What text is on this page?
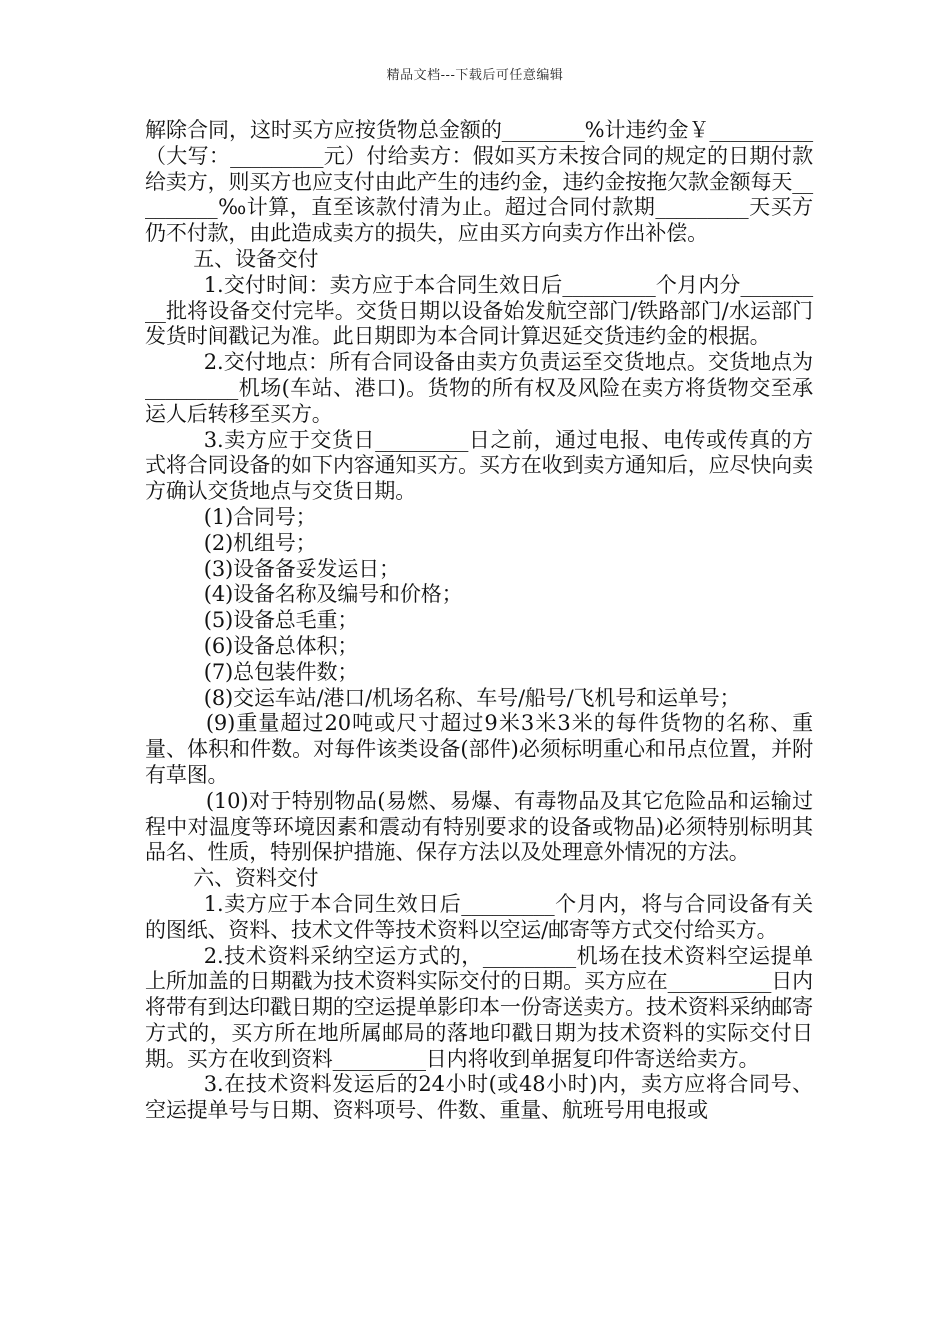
精品文档---下载后可任意编辑

解除合同，这时买方应按货物总金额的________%计违约金￥__________（大写：_________元）付给卖方：假如买方未按合同的规定的日期付款给卖方，则买方也应支付由此产生的违约金，违约金按拖欠款金额每天_________‰计算，直至该款付清为止。超过合同付款期_________天买方仍不付款，由此造成卖方的损失，应由买方向卖方作出补偿。

五、设备交付

1.交付时间：卖方应于本合同生效日后_________个月内分_________批将设备交付完毕。交货日期以设备始发航空部门/铁路部门/水运部门发货时间戳记为准。此日期即为本合同计算迟延交货违约金的根据。

2.交付地点：所有合同设备由卖方负责运至交货地点。交货地点为_________机场(车站、港口)。货物的所有权及风险在卖方将货物交至承运人后转移至买方。

3.卖方应于交货日_________日之前，通过电报、电传或传真的方式将合同设备的如下内容通知买方。买方在收到卖方通知后，应尽快向卖方确认交货地点与交货日期。

(1)合同号；

(2)机组号；

(3)设备备妥发运日；

(4)设备名称及编号和价格；

(5)设备总毛重；

(6)设备总体积；

(7)总包装件数；

(8)交运车站/港口/机场名称、车号/船号/飞机号和运单号；

(9)重量超过20吨或尺寸超过9米3米3米的每件货物的名称、重量、体积和件数。对每件该类设备(部件)必须标明重心和吊点位置，并附有草图。

(10)对于特别物品(易燃、易爆、有毒物品及其它危险品和运输过程中对温度等环境因素和震动有特别要求的设备或物品)必须特别标明其品名、性质，特别保护措施、保存方法以及处理意外情况的方法。

六、资料交付

1.卖方应于本合同生效日后_________个月内，将与合同设备有关的图纸、资料、技术文件等技术资料以空运/邮寄等方式交付给买方。

2.技术资料采纳空运方式的，_________机场在技术资料空运提单上所加盖的日期戳为技术资料实际交付的日期。买方应在__________日内将带有到达印戳日期的空运提单影印本一份寄送卖方。技术资料采纳邮寄方式的，买方所在地所属邮局的落地印戳日期为技术资料的实际交付日期。买方在收到资料_________日内将收到单据复印件寄送给卖方。

3.在技术资料发运后的24小时(或48小时)内，卖方应将合同号、空运提单号与日期、资料项号、件数、重量、航班号用电报或
